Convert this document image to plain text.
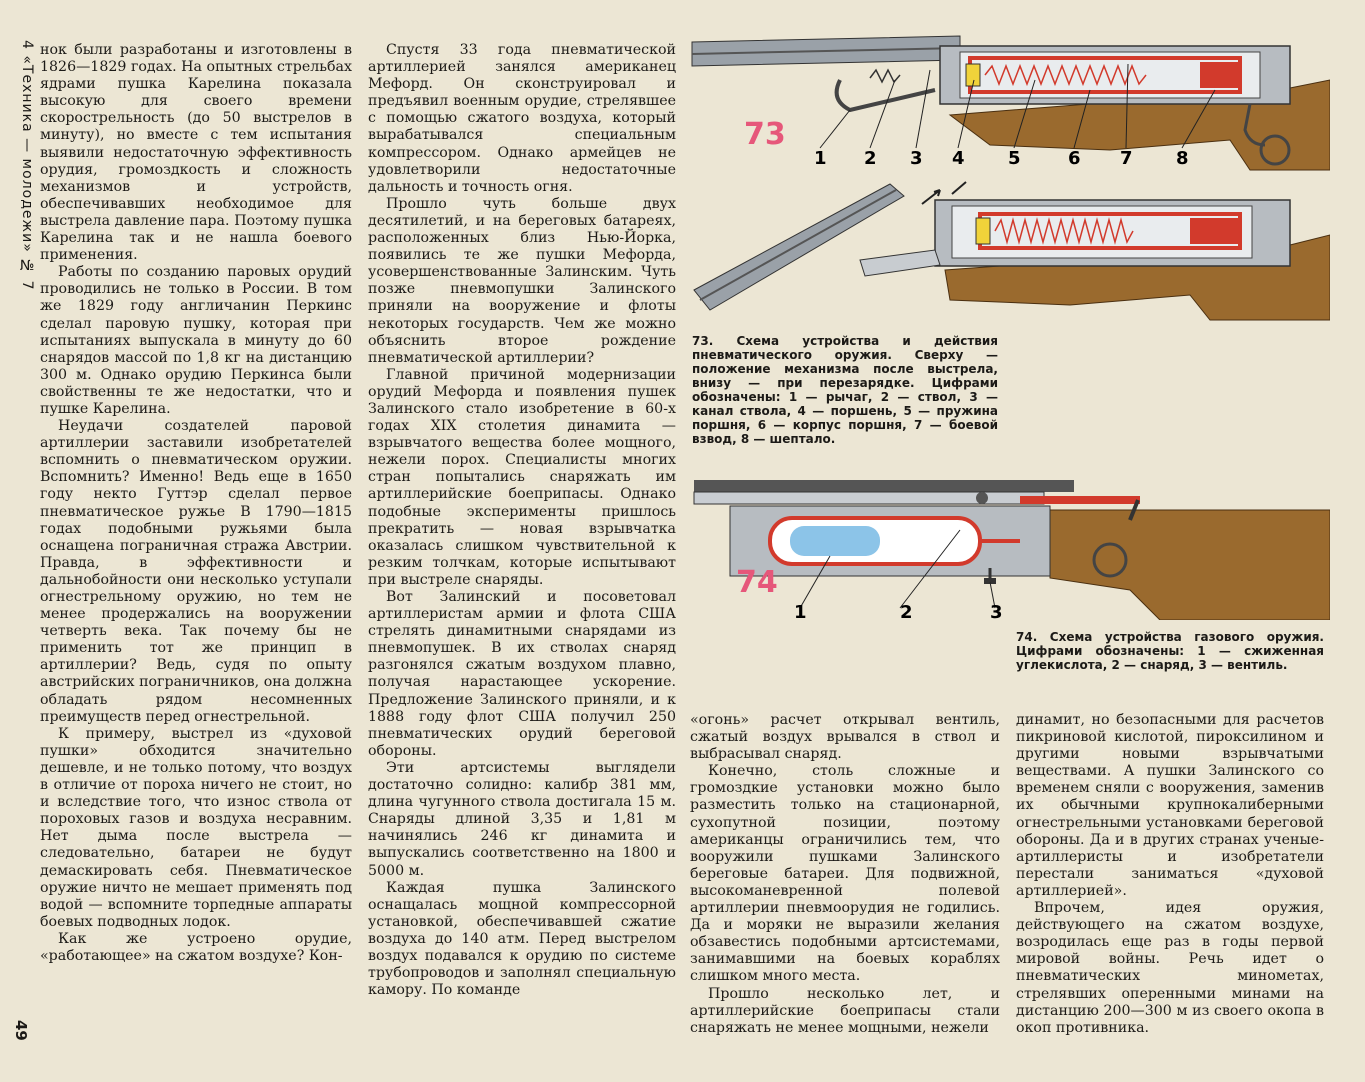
4 «Техника — молодежи» № 7
49

нок были разработаны и изготовлены в 1826—1829 годах. На опытных стрельбах ядрами пушка Карелина показала высокую для своего времени скорострельность (до 50 выстрелов в минуту), но вместе с тем испытания выявили недостаточную эффективность орудия, громоздкость и сложность механизмов и устройств, обеспечивавших необходимое для выстрела давление пара. Поэтому пушка Карелина так и не нашла боевого применения.

Работы по созданию паровых орудий проводились не только в России. В том же 1829 году англичанин Перкинс сделал паровую пушку, которая при испытаниях выпускала в минуту до 60 снарядов массой по 1,8 кг на дистанцию 300 м. Однако орудию Перкинса были свойственны те же недостатки, что и пушке Карелина.

Неудачи создателей паровой артиллерии заставили изобретателей вспомнить о пневматическом оружии. Вспомнить? Именно! Ведь еще в 1650 году некто Гуттэр сделал первое пневматическое ружье В 1790—1815 годах подобными ружьями была оснащена пограничная стража Австрии. Правда, в эффективности и дальнобойности они несколько уступали огнестрельному оружию, но тем не менее продержались на вооружении четверть века. Так почему бы не применить тот же принцип в артиллерии? Ведь, судя по опыту австрийских пограничников, она должна обладать рядом несомненных преимуществ перед огнестрельной.

К примеру, выстрел из «духовой пушки» обходится значительно дешевле, и не только потому, что воздух в отличие от пороха ничего не стоит, но и вследствие того, что износ ствола от пороховых газов и воздуха несравним. Нет дыма после выстрела — следовательно, батареи не будут демаскировать себя. Пневматическое оружие ничто не мешает применять под водой — вспомните торпедные аппараты боевых подводных лодок.

Как же устроено орудие, «работающее» на сжатом воздухе? Кон-

Спустя 33 года пневматической артиллерией занялся американец Мефорд. Он сконструировал и предъявил военным орудие, стрелявшее с помощью сжатого воздуха, который вырабатывался специальным компрессором. Однако армейцев не удовлетворили недостаточные дальность и точность огня.

Прошло чуть больше двух десятилетий, и на береговых батареях, расположенных близ Нью-Йорка, появились те же пушки Мефорда, усовершенствованные Залинским. Чуть позже пневмопушки Залинского приняли на вооружение и флоты некоторых государств. Чем же можно объяснить второе рождение пневматической артиллерии?

Главной причиной модернизации орудий Мефорда и появления пушек Залинского стало изобретение в 60-х годах XIX столетия динамита — взрывчатого вещества более мощного, нежели порох. Специалисты многих стран попытались снаряжать им артиллерийские боеприпасы. Однако подобные эксперименты пришлось прекратить — новая взрывчатка оказалась слишком чувствительной к резким толчкам, которые испытывают при выстреле снаряды.

Вот Залинский и посоветовал артиллеристам армии и флота США стрелять динамитными снарядами из пневмопушек. В их стволах снаряд разгонялся сжатым воздухом плавно, получая нарастающее ускорение. Предложение Залинского приняли, и к 1888 году флот США получил 250 пневматических орудий береговой обороны.

Эти артсистемы выглядели достаточно солидно: калибр 381 мм, длина чугунного ствола достигала 15 м. Снаряды длиной 3,35 и 1,81 м начинялись 246 кг динамита и выпускались соответственно на 1800 и 5000 м.

Каждая пушка Залинского оснащалась мощной компрессорной установкой, обеспечивавшей сжатие воздуха до 140 атм. Перед выстрелом воздух подавался к орудию по системе трубопроводов и заполнял специальную камору. По команде

73
1 2 3 4 5	6 7 8
73. Схема устройства и действия пневматического оружия. Сверху — положение механизма после выстрела, внизу — при перезарядке. Цифрами обозначены: 1 — рычаг, 2 — ствол, 3 — канал ствола, 4 — поршень, 5 — пружина поршня, 6 — корпус поршня, 7 — боевой взвод, 8 — шептало.
74
1	2	3
74. Схема устройства газового оружия. Цифрами обозначены: 1 — сжиженная углекислота, 2 — снаряд, 3 — вентиль.

«огонь» расчет открывал вентиль, сжатый воздух врывался в ствол и выбрасывал снаряд.

Конечно, столь сложные и громоздкие установки можно было разместить только на стационарной, сухопутной позиции, поэтому американцы ограничились тем, что вооружили пушками Залинского береговые батареи. Для подвижной, высокоманевренной полевой артиллерии пневмоорудия не годились. Да и моряки не выразили желания обзавестись подобными артсистемами, занимавшими на боевых кораблях слишком много места.

Прошло несколько лет, и артиллерийские боеприпасы стали снаряжать не менее мощными, нежели

динамит, но безопасными для расчетов пикриновой кислотой, пироксилином и другими новыми взрывчатыми веществами. А пушки Залинского со временем сняли с вооружения, заменив их обычными крупнокалиберными огнестрельными установками береговой обороны. Да и в других странах ученые-артиллеристы и изобретатели перестали заниматься «духовой артиллерией».

Впрочем, идея оружия, действующего на сжатом воздухе, возродилась еще раз в годы первой мировой войны. Речь идет о пневматических минометах, стрелявших оперенными минами на дистанцию 200—300 м из своего окопа в окоп противника.
